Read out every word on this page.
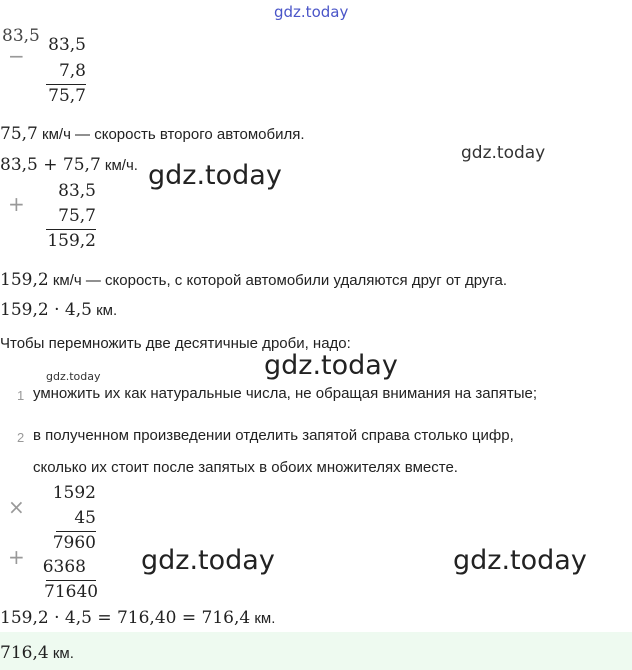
gdz.today
83,5
−	83,5
7,8
75,7
75,7 км/ч — скорость второго автомобиля.
gdz.today
83,5 + 75,7 км/ч. gdz.today
+
83,5
75,7
159,2
159,2 км/ч — скорость, с которой автомобили удаляются друг от друга.
159,2 · 4,5 км.
Чтобы перемножить две десятичные дроби, надо:
gdz.today
gdz.today
1 умножить их как натуральные числа, не обращая внимания на запятые;
2 в полученном произведении отделить запятой справа столько цифр,
сколько их стоит после запятых в обоих множителях вместе.
×
1592
45
7960
+	6368
71640
gdz.today	gdz.today
159,2 · 4,5 = 716,40 = 716,4 км.
716,4 км.
